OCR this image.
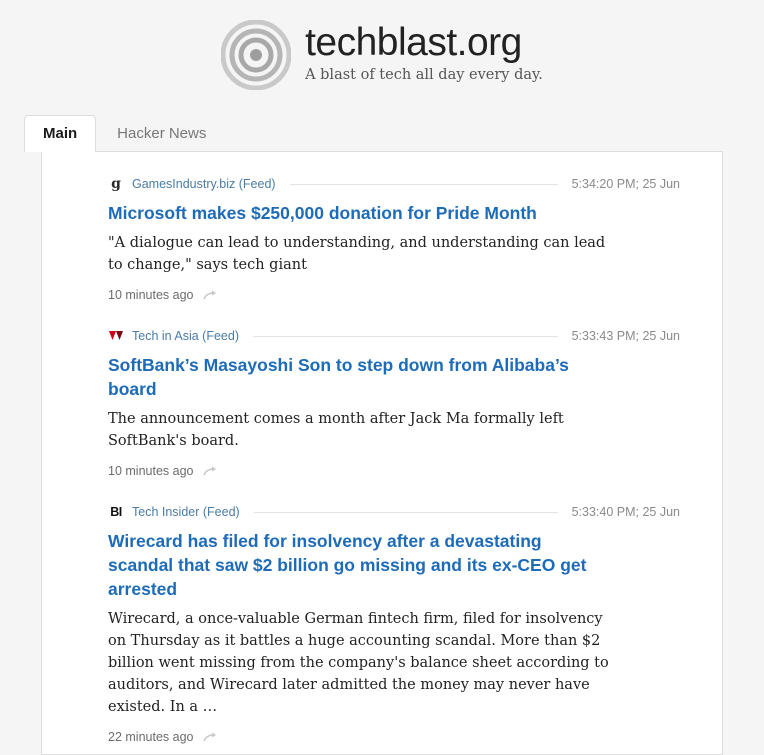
techblast.org
A blast of tech all day every day.
Main	Hacker News
g GamesIndustry.biz (Feed)	5:34:20 PM; 25 Jun
Microsoft makes $250,000 donation for Pride Month
"A dialogue can lead to understanding, and understanding can lead to change," says tech giant
10 minutes ago
Tech in Asia (Feed)	5:33:43 PM; 25 Jun
SoftBank’s Masayoshi Son to step down from Alibaba’s board
The announcement comes a month after Jack Ma formally left SoftBank's board.
10 minutes ago
BI Tech Insider (Feed)	5:33:40 PM; 25 Jun
Wirecard has filed for insolvency after a devastating scandal that saw $2 billion go missing and its ex-CEO get arrested
Wirecard, a once-valuable German fintech firm, filed for insolvency on Thursday as it battles a huge accounting scandal. More than $2 billion went missing from the company's balance sheet according to auditors, and Wirecard later admitted the money may never have existed. In a …
22 minutes ago
